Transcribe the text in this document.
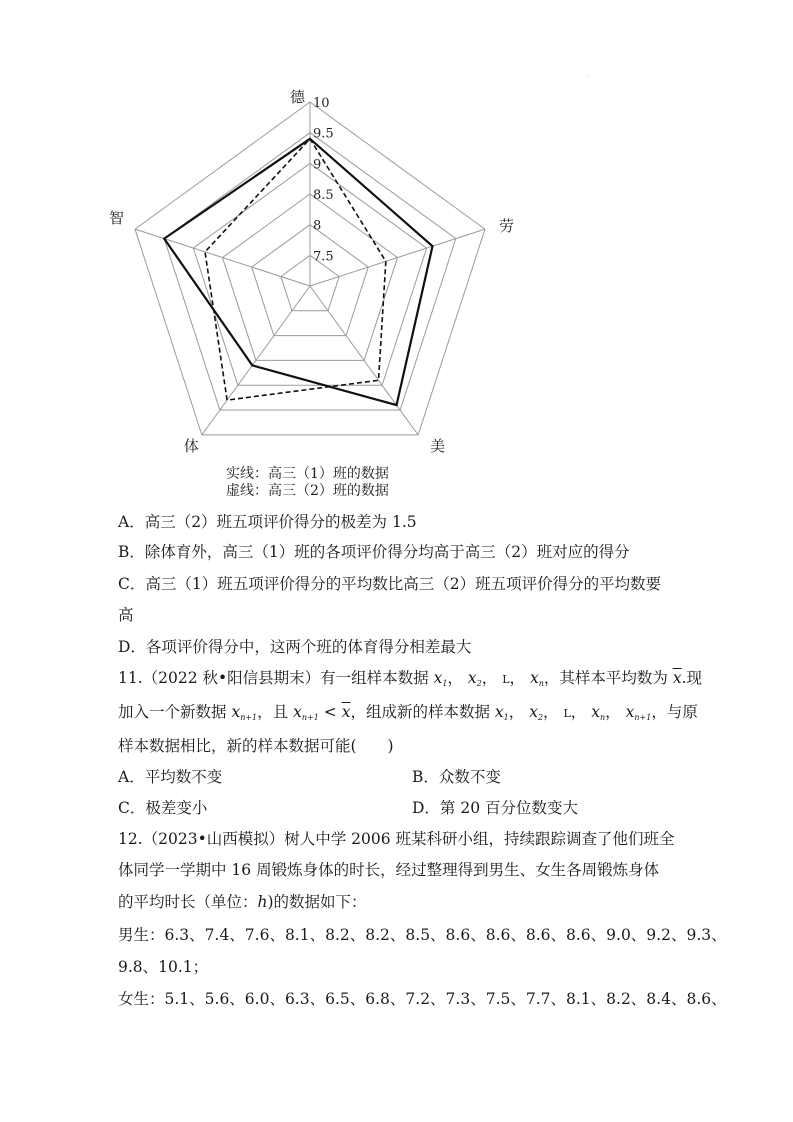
.
7.5
8
8.5
9
9.5
10
德
劳
美
体
智
实线：高三（1）班的数据
虚线：高三（2）班的数据
A．高三（2）班五项评价得分的极差为 1.5
B．除体育外，高三（1）班的各项评价得分均高于高三（2）班对应的得分
C．高三（1）班五项评价得分的平均数比高三（2）班五项评价得分的平均数要
高
D．各项评价得分中，这两个班的体育得分相差最大
11.（2022 秋•阳信县期末）有一组样本数据 $x_1$， $x_2$， L， $x_n$，其样本平均数为 $\overline{x}$.现
加入一个新数据 $x_{n+1}$，且 $x_{n+1} < \overline{x}$，组成新的样本数据 $x_1$， $x_2$， L， $x_n$， $x_{n+1}$，与原
样本数据相比，新的样本数据可能(　　)
A．平均数不变	B．众数不变
C．极差变小	D．第 20 百分位数变大
12.（2023•山西模拟）树人中学 2006 班某科研小组，持续跟踪调查了他们班全
体同学一学期中 16 周锻炼身体的时长，经过整理得到男生、女生各周锻炼身体
的平均时长（单位：h)的数据如下：
男生：6.3、7.4、7.6、8.1、8.2、8.2、8.5、8.6、8.6、8.6、8.6、9.0、9.2、9.3、
9.8、10.1；
女生：5.1、5.6、6.0、6.3、6.5、6.8、7.2、7.3、7.5、7.7、8.1、8.2、8.4、8.6、
